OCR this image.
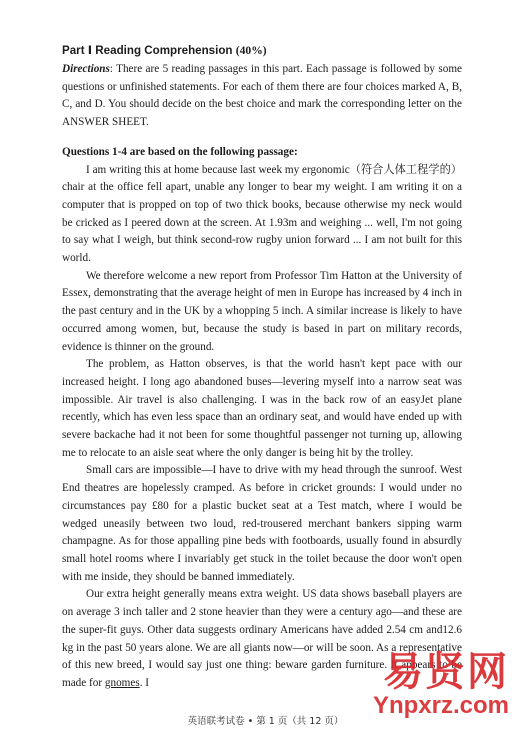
Part Ⅰ Reading Comprehension (40%)

Directions: There are 5 reading passages in this part. Each passage is followed by some questions or unfinished statements. For each of them there are four choices marked A, B, C, and D. You should decide on the best choice and mark the corresponding letter on the ANSWER SHEET.

Questions 1-4 are based on the following passage:

I am writing this at home because last week my ergonomic（符合人体工程学的）chair at the office fell apart, unable any longer to bear my weight. I am writing it on a computer that is propped on top of two thick books, because otherwise my neck would be cricked as I peered down at the screen. At 1.93m and weighing ... well, I'm not going to say what I weigh, but think second-row rugby union forward ... I am not built for this world.

We therefore welcome a new report from Professor Tim Hatton at the University of Essex, demonstrating that the average height of men in Europe has increased by 4 inch in the past century and in the UK by a whopping 5 inch. A similar increase is likely to have occurred among women, but, because the study is based in part on military records, evidence is thinner on the ground.

The problem, as Hatton observes, is that the world hasn't kept pace with our increased height. I long ago abandoned buses—levering myself into a narrow seat was impossible. Air travel is also challenging. I was in the back row of an easyJet plane recently, which has even less space than an ordinary seat, and would have ended up with severe backache had it not been for some thoughtful passenger not turning up, allowing me to relocate to an aisle seat where the only danger is being hit by the trolley.

Small cars are impossible—I have to drive with my head through the sunroof. West End theatres are hopelessly cramped. As before in cricket grounds: I would under no circumstances pay £80 for a plastic bucket seat at a Test match, where I would be wedged uneasily between two loud, red-trousered merchant bankers sipping warm champagne. As for those appalling pine beds with footboards, usually found in absurdly small hotel rooms where I invariably get stuck in the toilet because the door won't open with me inside, they should be banned immediately.

Our extra height generally means extra weight. US data shows baseball players are on average 3 inch taller and 2 stone heavier than they were a century ago—and these are the super-fit guys. Other data suggests ordinary Americans have added 2.54 cm and12.6 kg in the past 50 years alone. We are all giants now—or will be soon. As a representative of this new breed, I would say just one thing: beware garden furniture. It appears to be made for gnomes. I

英语联考试卷 • 第 1 页（共 12 页）
易贤网
Ynpxrz.com
